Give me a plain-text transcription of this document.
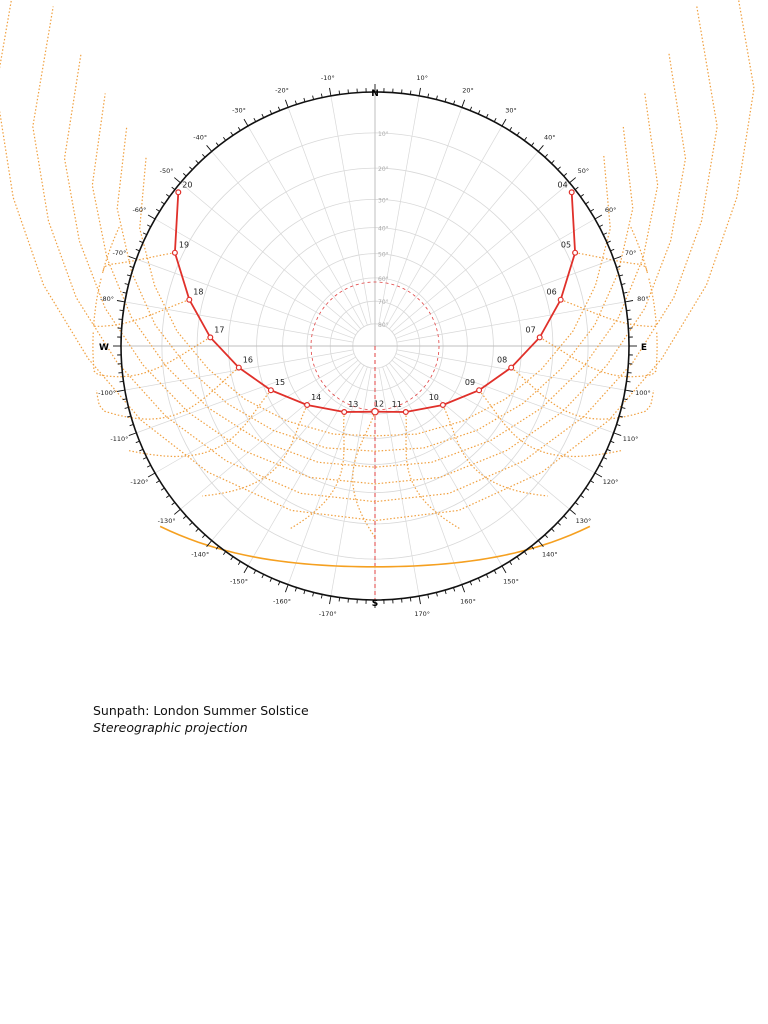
10°
20°
30°
40°
50°
60°
70°
80°
04
05
06
07
08
09
10
11
12
13
14
15
16
17
18
19
20
N
S
E
W
10°
20°
30°
40°
50°
60°
70°
80°
100°
110°
120°
130°
140°
150°
160°
170°
-10°
-20°
-30°
-40°
-50°
-60°
-70°
-80°
-100°
-110°
-120°
-130°
-140°
-150°
-160°
-170°
Sunpath: London Summer Solstice
Stereographic projection
